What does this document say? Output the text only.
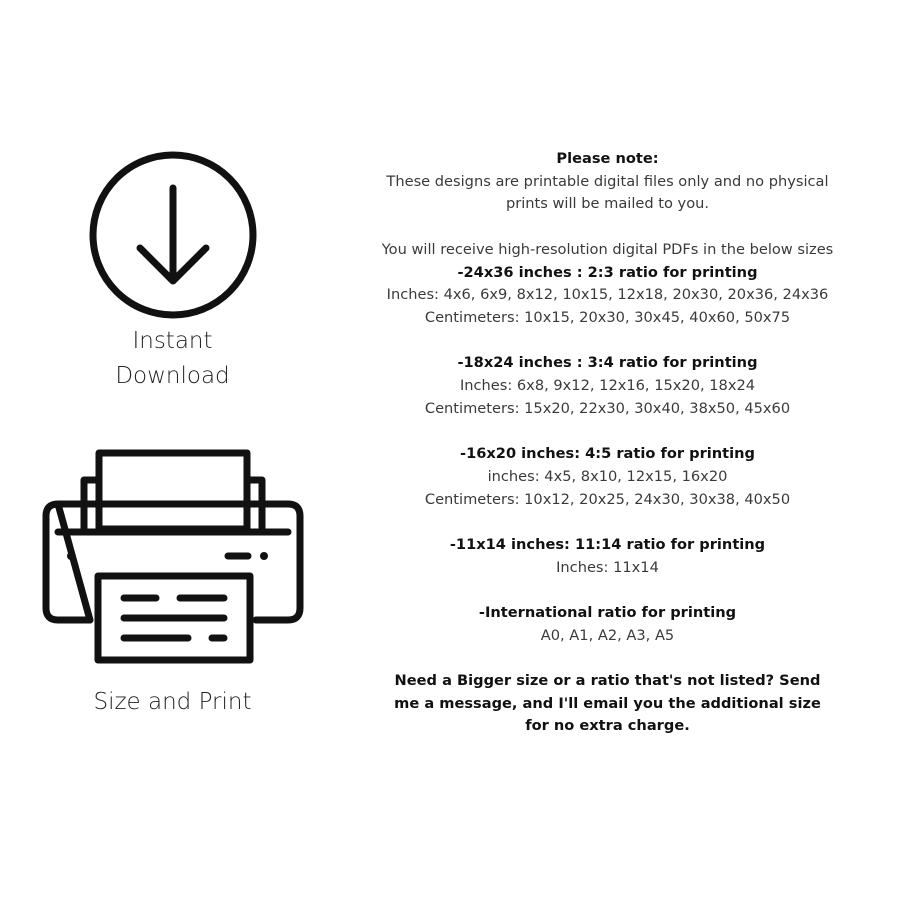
Instant
Download
Size and Print

Please note:

These designs are printable digital files only and no physical

prints will be mailed to you.

You will receive high-resolution digital PDFs in the below sizes

-24x36 inches : 2:3 ratio for printing

Inches: 4x6, 6x9, 8x12, 10x15, 12x18, 20x30, 20x36, 24x36

Centimeters: 10x15, 20x30, 30x45, 40x60, 50x75

-18x24 inches : 3:4 ratio for printing

Inches: 6x8, 9x12, 12x16, 15x20, 18x24

Centimeters: 15x20, 22x30, 30x40, 38x50, 45x60

-16x20 inches: 4:5 ratio for printing

inches: 4x5, 8x10, 12x15, 16x20

Centimeters: 10x12, 20x25, 24x30, 30x38, 40x50

-11x14 inches: 11:14 ratio for printing

Inches: 11x14

-International ratio for printing

A0, A1, A2, A3, A5

Need a Bigger size or a ratio that's not listed? Send me a message, and I'll email you the additional size for no extra charge.
